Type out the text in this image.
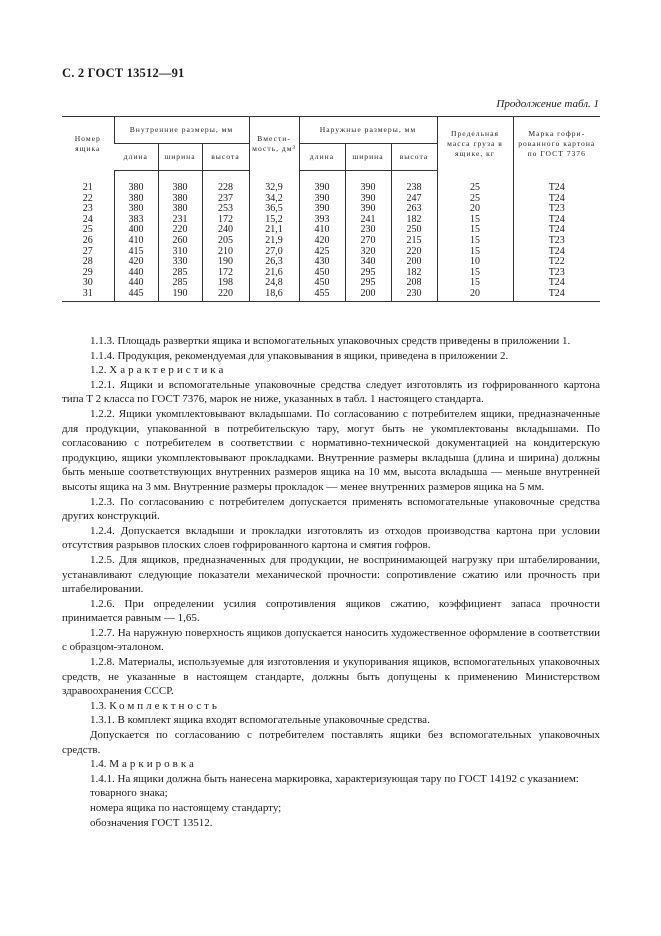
С. 2 ГОСТ 13512—91
Продолжение табл. 1
Номер ящика	Внутренние размеры, мм			Вмести-мость, дм³	Наружные размеры, мм			Предельная масса груза в ящике, кг	Марка гофри-рованного картона по ГОСТ 7376
	длина	ширина	высота		длина	ширина	высота		

21	380	380	228	32,9	390	390	238	25	Т24
22	380	380	237	34,2	390	390	247	25	Т24
23	380	380	253	36,5	390	390	263	20	Т23
24	383	231	172	15,2	393	241	182	15	Т24
25	400	220	240	21,1	410	230	250	15	Т24
26	410	260	205	21,9	420	270	215	15	Т23
27	415	310	210	27,0	425	320	220	15	Т24
28	420	330	190	26,3	430	340	200	10	Т22
29	440	285	172	21,6	450	295	182	15	Т23
30	440	285	198	24,8	450	295	208	15	Т24
31	445	190	220	18,6	455	200	230	20	Т24

1.1.3. Площадь развертки ящика и вспомогательных упаковочных средств приведены в приложении 1.

1.1.4. Продукция, рекомендуемая для упаковывания в ящики, приведена в приложении 2.

1.2. Характеристика

1.2.1. Ящики и вспомогательные упаковочные средства следует изготовлять из гофрированного картона типа Т 2 класса по ГОСТ 7376, марок не ниже, указанных в табл. 1 настоящего стандарта.

1.2.2. Ящики укомплектовывают вкладышами. По согласованию с потребителем ящики, предназначенные для продукции, упакованной в потребительскую тару, могут быть не укомплектованы вкладышами. По согласованию с потребителем в соответствии с нормативно-технической документацией на кондитерскую продукцию, ящики укомплектовывают прокладками. Внутренние размеры вкладыша (длина и ширина) должны быть меньше соответствующих внутренних размеров ящика на 10 мм, высота вкладыша — меньше внутренней высоты ящика на 3 мм. Внутренние размеры прокладок — менее внутренних размеров ящика на 5 мм.

1.2.3. По согласованию с потребителем допускается применять вспомогательные упаковочные средства других конструкций.

1.2.4. Допускается вкладыши и прокладки изготовлять из отходов производства картона при условии отсутствия разрывов плоских слоев гофрированного картона и смятия гофров.

1.2.5. Для ящиков, предназначенных для продукции, не воспринимающей нагрузку при штабелировании, устанавливают следующие показатели механической прочности: сопротивление сжатию или прочность при штабелировании.

1.2.6. При определении усилия сопротивления ящиков сжатию, коэффициент запаса прочности принимается равным — 1,65.

1.2.7. На наружную поверхность ящиков допускается наносить художественное оформление в соответствии с образцом-эталоном.

1.2.8. Материалы, используемые для изготовления и укупоривания ящиков, вспомогательных упаковочных средств, не указанные в настоящем стандарте, должны быть допущены к применению Министерством здравоохранения СССР.

1.3. Комплектность

1.3.1. В комплект ящика входят вспомогательные упаковочные средства.

Допускается по согласованию с потребителем поставлять ящики без вспомогательных упаковочных средств.

1.4. Маркировка

1.4.1. На ящики должна быть нанесена маркировка, характеризующая тару по ГОСТ 14192 с указанием:

товарного знака;

номера ящика по настоящему стандарту;

обозначения ГОСТ 13512.
